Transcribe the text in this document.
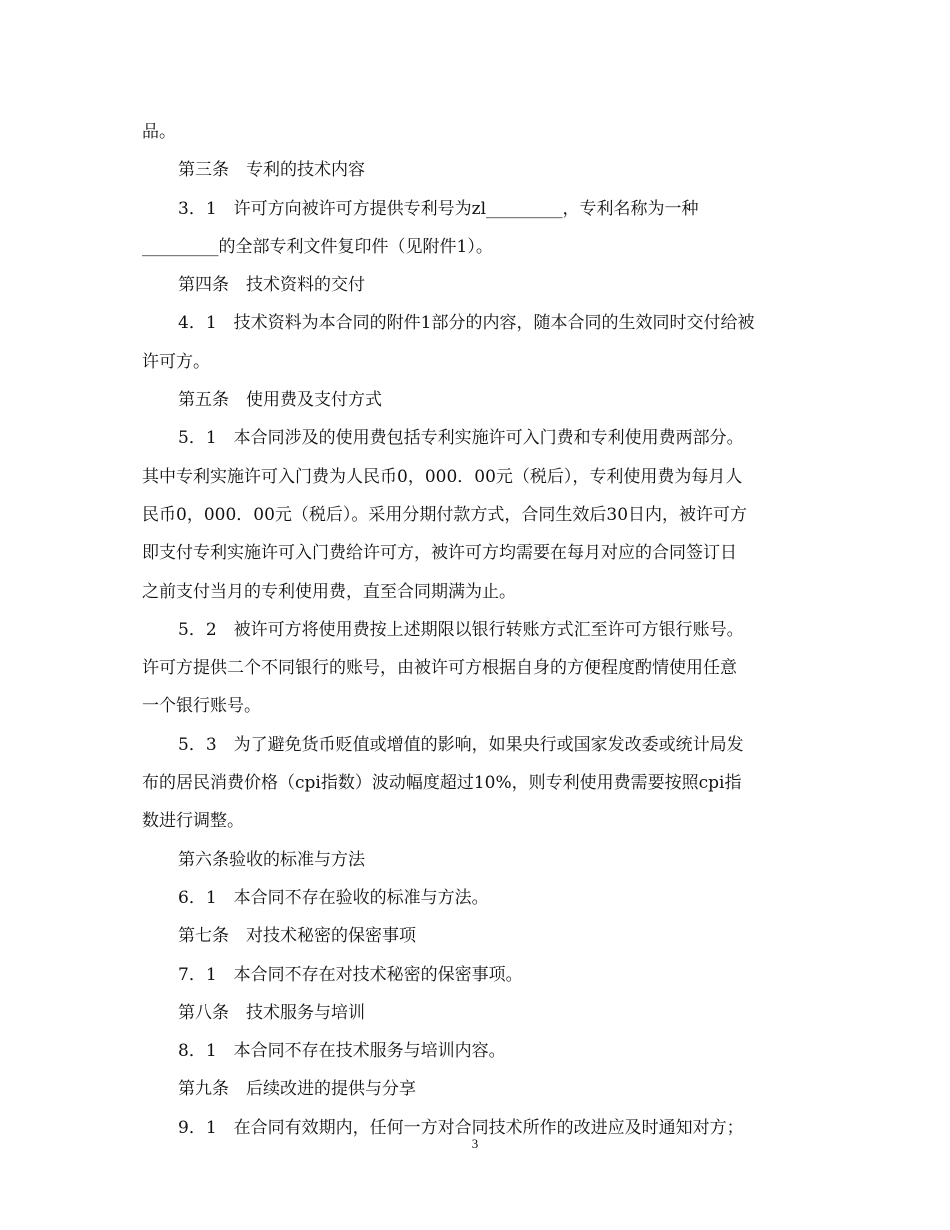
品。
第三条　专利的技术内容
3．1　许可方向被许可方提供专利号为zl_________，专利名称为一种
_________的全部专利文件复印件（见附件1）。
第四条　技术资料的交付
4．1　技术资料为本合同的附件1部分的内容，随本合同的生效同时交付给被
许可方。
第五条　使用费及支付方式
5．1　本合同涉及的使用费包括专利实施许可入门费和专利使用费两部分。
其中专利实施许可入门费为人民币0，000．00元（税后），专利使用费为每月人
民币0，000．00元（税后）。采用分期付款方式，合同生效后30日内，被许可方
即支付专利实施许可入门费给许可方，被许可方均需要在每月对应的合同签订日
之前支付当月的专利使用费，直至合同期满为止。
5．2　被许可方将使用费按上述期限以银行转账方式汇至许可方银行账号。
许可方提供二个不同银行的账号，由被许可方根据自身的方便程度酌情使用任意
一个银行账号。
5．3　为了避免货币贬值或增值的影响，如果央行或国家发改委或统计局发
布的居民消费价格（cpi指数）波动幅度超过10%，则专利使用费需要按照cpi指
数进行调整。
第六条验收的标准与方法
6．1　本合同不存在验收的标准与方法。
第七条　对技术秘密的保密事项
7．1　本合同不存在对技术秘密的保密事项。
第八条　技术服务与培训
8．1　本合同不存在技术服务与培训内容。
第九条　后续改进的提供与分享
9．1　在合同有效期内，任何一方对合同技术所作的改进应及时通知对方；
3
